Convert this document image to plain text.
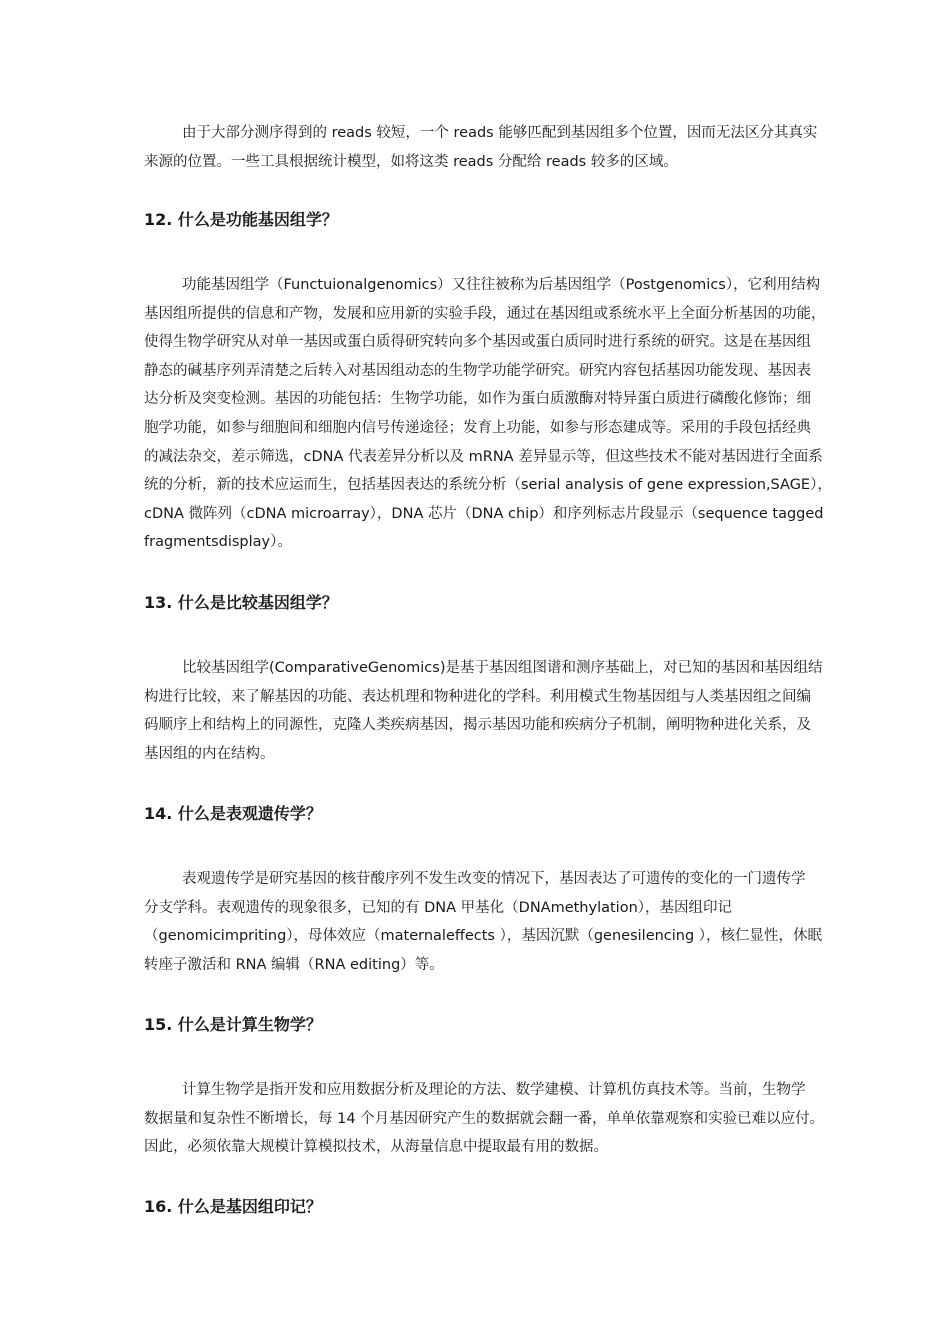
由于大部分测序得到的 reads 较短，一个 reads 能够匹配到基因组多个位置，因而无法区分其真实
来源的位置。一些工具根据统计模型，如将这类 reads 分配给 reads 较多的区域。

12. 什么是功能基因组学？

功能基因组学（Functuionalgenomics）又往往被称为后基因组学（Postgenomics），它利用结构
基因组所提供的信息和产物，发展和应用新的实验手段，通过在基因组或系统水平上全面分析基因的功能，
使得生物学研究从对单一基因或蛋白质得研究转向多个基因或蛋白质同时进行系统的研究。这是在基因组
静态的碱基序列弄清楚之后转入对基因组动态的生物学功能学研究。研究内容包括基因功能发现、基因表
达分析及突变检测。基因的功能包括：生物学功能，如作为蛋白质激酶对特异蛋白质进行磷酸化修饰；细
胞学功能，如参与细胞间和细胞内信号传递途径；发育上功能，如参与形态建成等。采用的手段包括经典
的减法杂交，差示筛选，cDNA 代表差异分析以及 mRNA 差异显示等，但这些技术不能对基因进行全面系
统的分析，新的技术应运而生，包括基因表达的系统分析（serial analysis of gene expression,SAGE），
cDNA 微阵列（cDNA microarray），DNA 芯片（DNA chip）和序列标志片段显示（sequence tagged
fragmentsdisplay）。

13. 什么是比较基因组学？

比较基因组学(ComparativeGenomics)是基于基因组图谱和测序基础上，对已知的基因和基因组结
构进行比较，来了解基因的功能、表达机理和物种进化的学科。利用模式生物基因组与人类基因组之间编
码顺序上和结构上的同源性，克隆人类疾病基因，揭示基因功能和疾病分子机制，阐明物种进化关系，及
基因组的内在结构。

14. 什么是表观遗传学？

表观遗传学是研究基因的核苷酸序列不发生改变的情况下，基因表达了可遗传的变化的一门遗传学
分支学科。表观遗传的现象很多，已知的有 DNA 甲基化（DNAmethylation），基因组印记
（genomicimpriting），母体效应（maternaleffects ），基因沉默（genesilencing ），核仁显性，休眠
转座子激活和 RNA 编辑（RNA editing）等。

15. 什么是计算生物学？

计算生物学是指开发和应用数据分析及理论的方法、数学建模、计算机仿真技术等。当前，生物学
数据量和复杂性不断增长，每 14 个月基因研究产生的数据就会翻一番，单单依靠观察和实验已难以应付。
因此，必须依靠大规模计算模拟技术，从海量信息中提取最有用的数据。

16. 什么是基因组印记？
